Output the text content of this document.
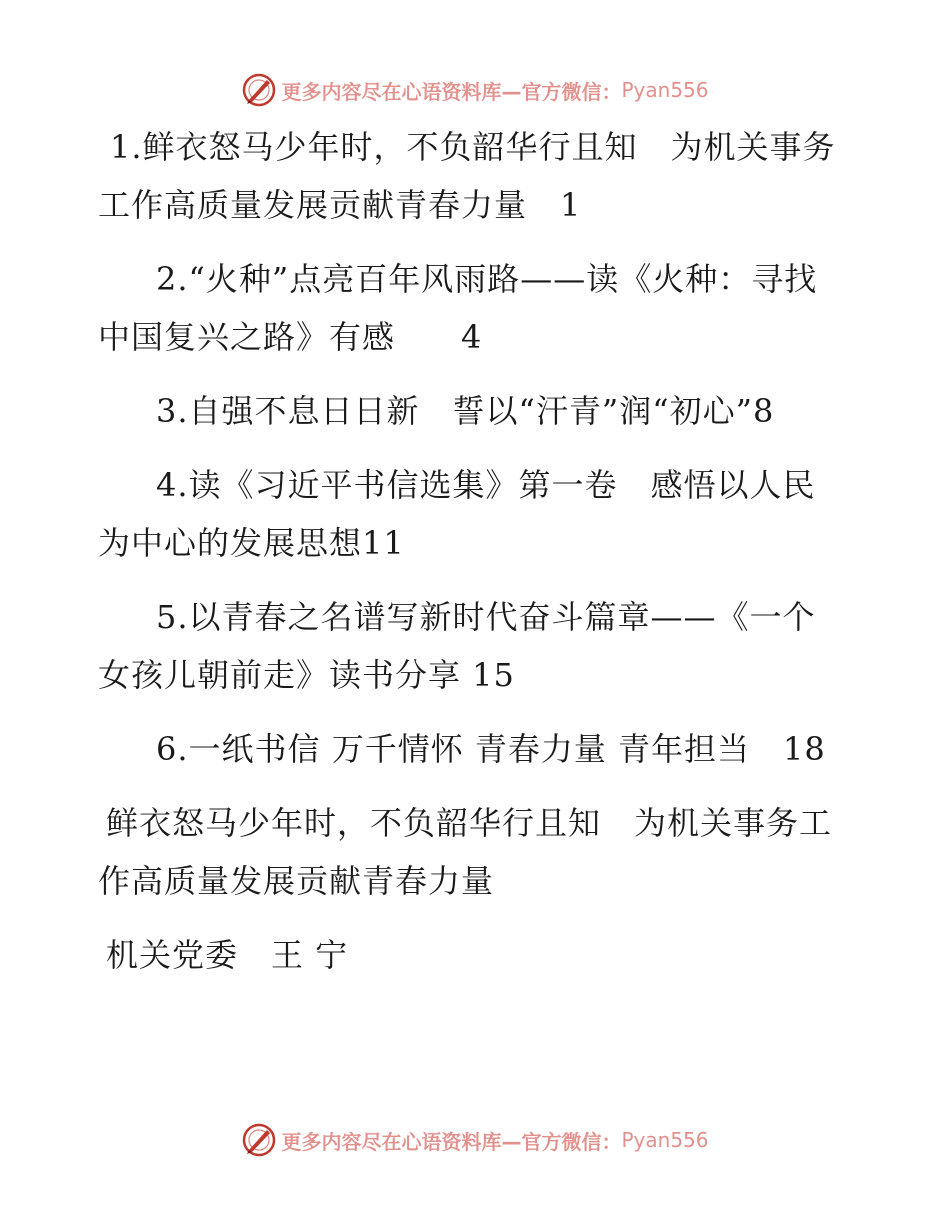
更多内容尽在心语资料库—官方微信： Pyan556

1.鲜衣怒马少年时，不负韶华行且知　为机关事务工作高质量发展贡献青春力量　1

2.“火种”点亮百年风雨路——读《火种：寻找中国复兴之路》有感　　4

3.自强不息日日新　誓以“汗青”润“初心”8

4.读《习近平书信选集》第一卷　感悟以人民为中心的发展思想11

5.以青春之名谱写新时代奋斗篇章——《一个女孩儿朝前走》读书分享 15

6.一纸书信 万千情怀 青春力量 青年担当　18

鲜衣怒马少年时，不负韶华行且知　为机关事务工作高质量发展贡献青春力量

机关党委　王 宁

更多内容尽在心语资料库—官方微信： Pyan556
